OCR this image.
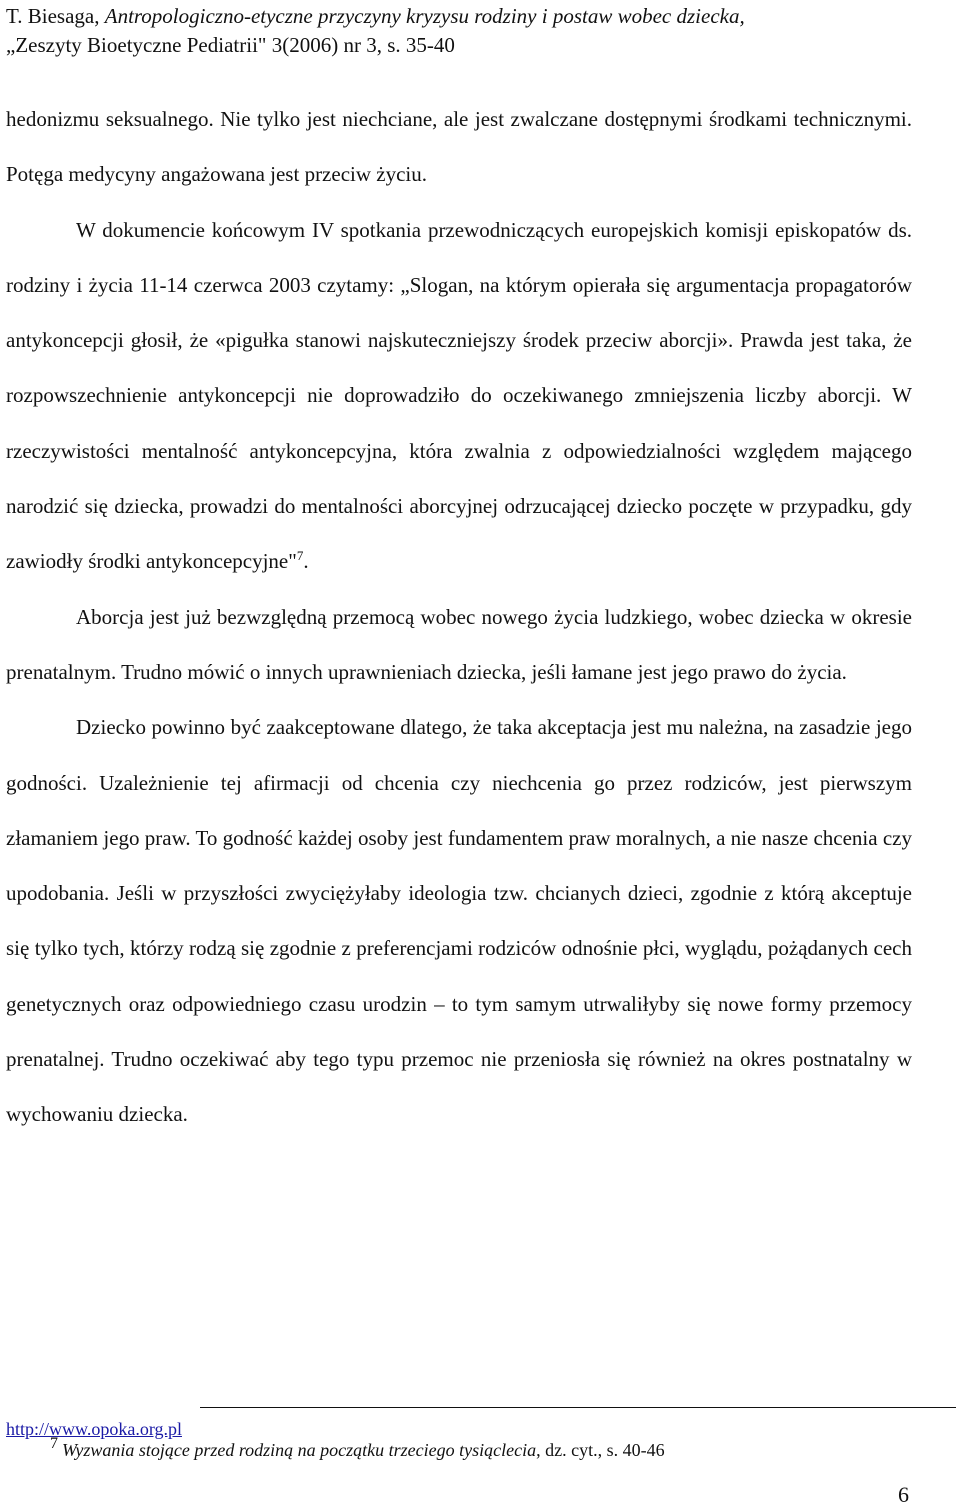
T. Biesaga, Antropologiczno-etyczne przyczyny kryzysu rodziny i postaw wobec dziecka,
„Zeszyty Bioetyczne Pediatrii" 3(2006) nr 3, s. 35-40

hedonizmu seksualnego. Nie tylko jest niechciane, ale jest zwalczane dostępnymi środkami technicznymi. Potęga medycyny angażowana jest przeciw życiu.

W dokumencie końcowym IV spotkania przewodniczących europejskich komisji episkopatów ds. rodziny i życia 11-14 czerwca 2003 czytamy: „Slogan, na którym opierała się argumentacja propagatorów antykoncepcji głosił, że «pigułka stanowi najskuteczniejszy środek przeciw aborcji». Prawda jest taka, że rozpowszechnienie antykoncepcji nie doprowadziło do oczekiwanego zmniejszenia liczby aborcji. W rzeczywistości mentalność antykoncepcyjna, która zwalnia z odpowiedzialności względem mającego narodzić się dziecka, prowadzi do mentalności aborcyjnej odrzucającej dziecko poczęte w przypadku, gdy zawiodły środki antykoncepcyjne"$^7$.

Aborcja jest już bezwzględną przemocą wobec nowego życia ludzkiego, wobec dziecka w okresie prenatalnym. Trudno mówić o innych uprawnieniach dziecka, jeśli łamane jest jego prawo do życia.

Dziecko powinno być zaakceptowane dlatego, że taka akceptacja jest mu należna, na zasadzie jego godności. Uzależnienie tej afirmacji od chcenia czy niechcenia go przez rodziców, jest pierwszym złamaniem jego praw. To godność każdej osoby jest fundamentem praw moralnych, a nie nasze chcenia czy upodobania. Jeśli w przyszłości zwyciężyłaby ideologia tzw. chcianych dzieci, zgodnie z którą akceptuje się tylko tych, którzy rodzą się zgodnie z preferencjami rodziców odnośnie płci, wyglądu, pożądanych cech genetycznych oraz odpowiedniego czasu urodzin – to tym samym utrwaliłyby się nowe formy przemocy prenatalnej. Trudno oczekiwać aby tego typu przemoc nie przeniosła się również na okres postnatalny w wychowaniu dziecka.

http://www.opoka.org.pl
7 Wyzwania stojące przed rodziną na początku trzeciego tysiąclecia, dz. cyt., s. 40-46
6
